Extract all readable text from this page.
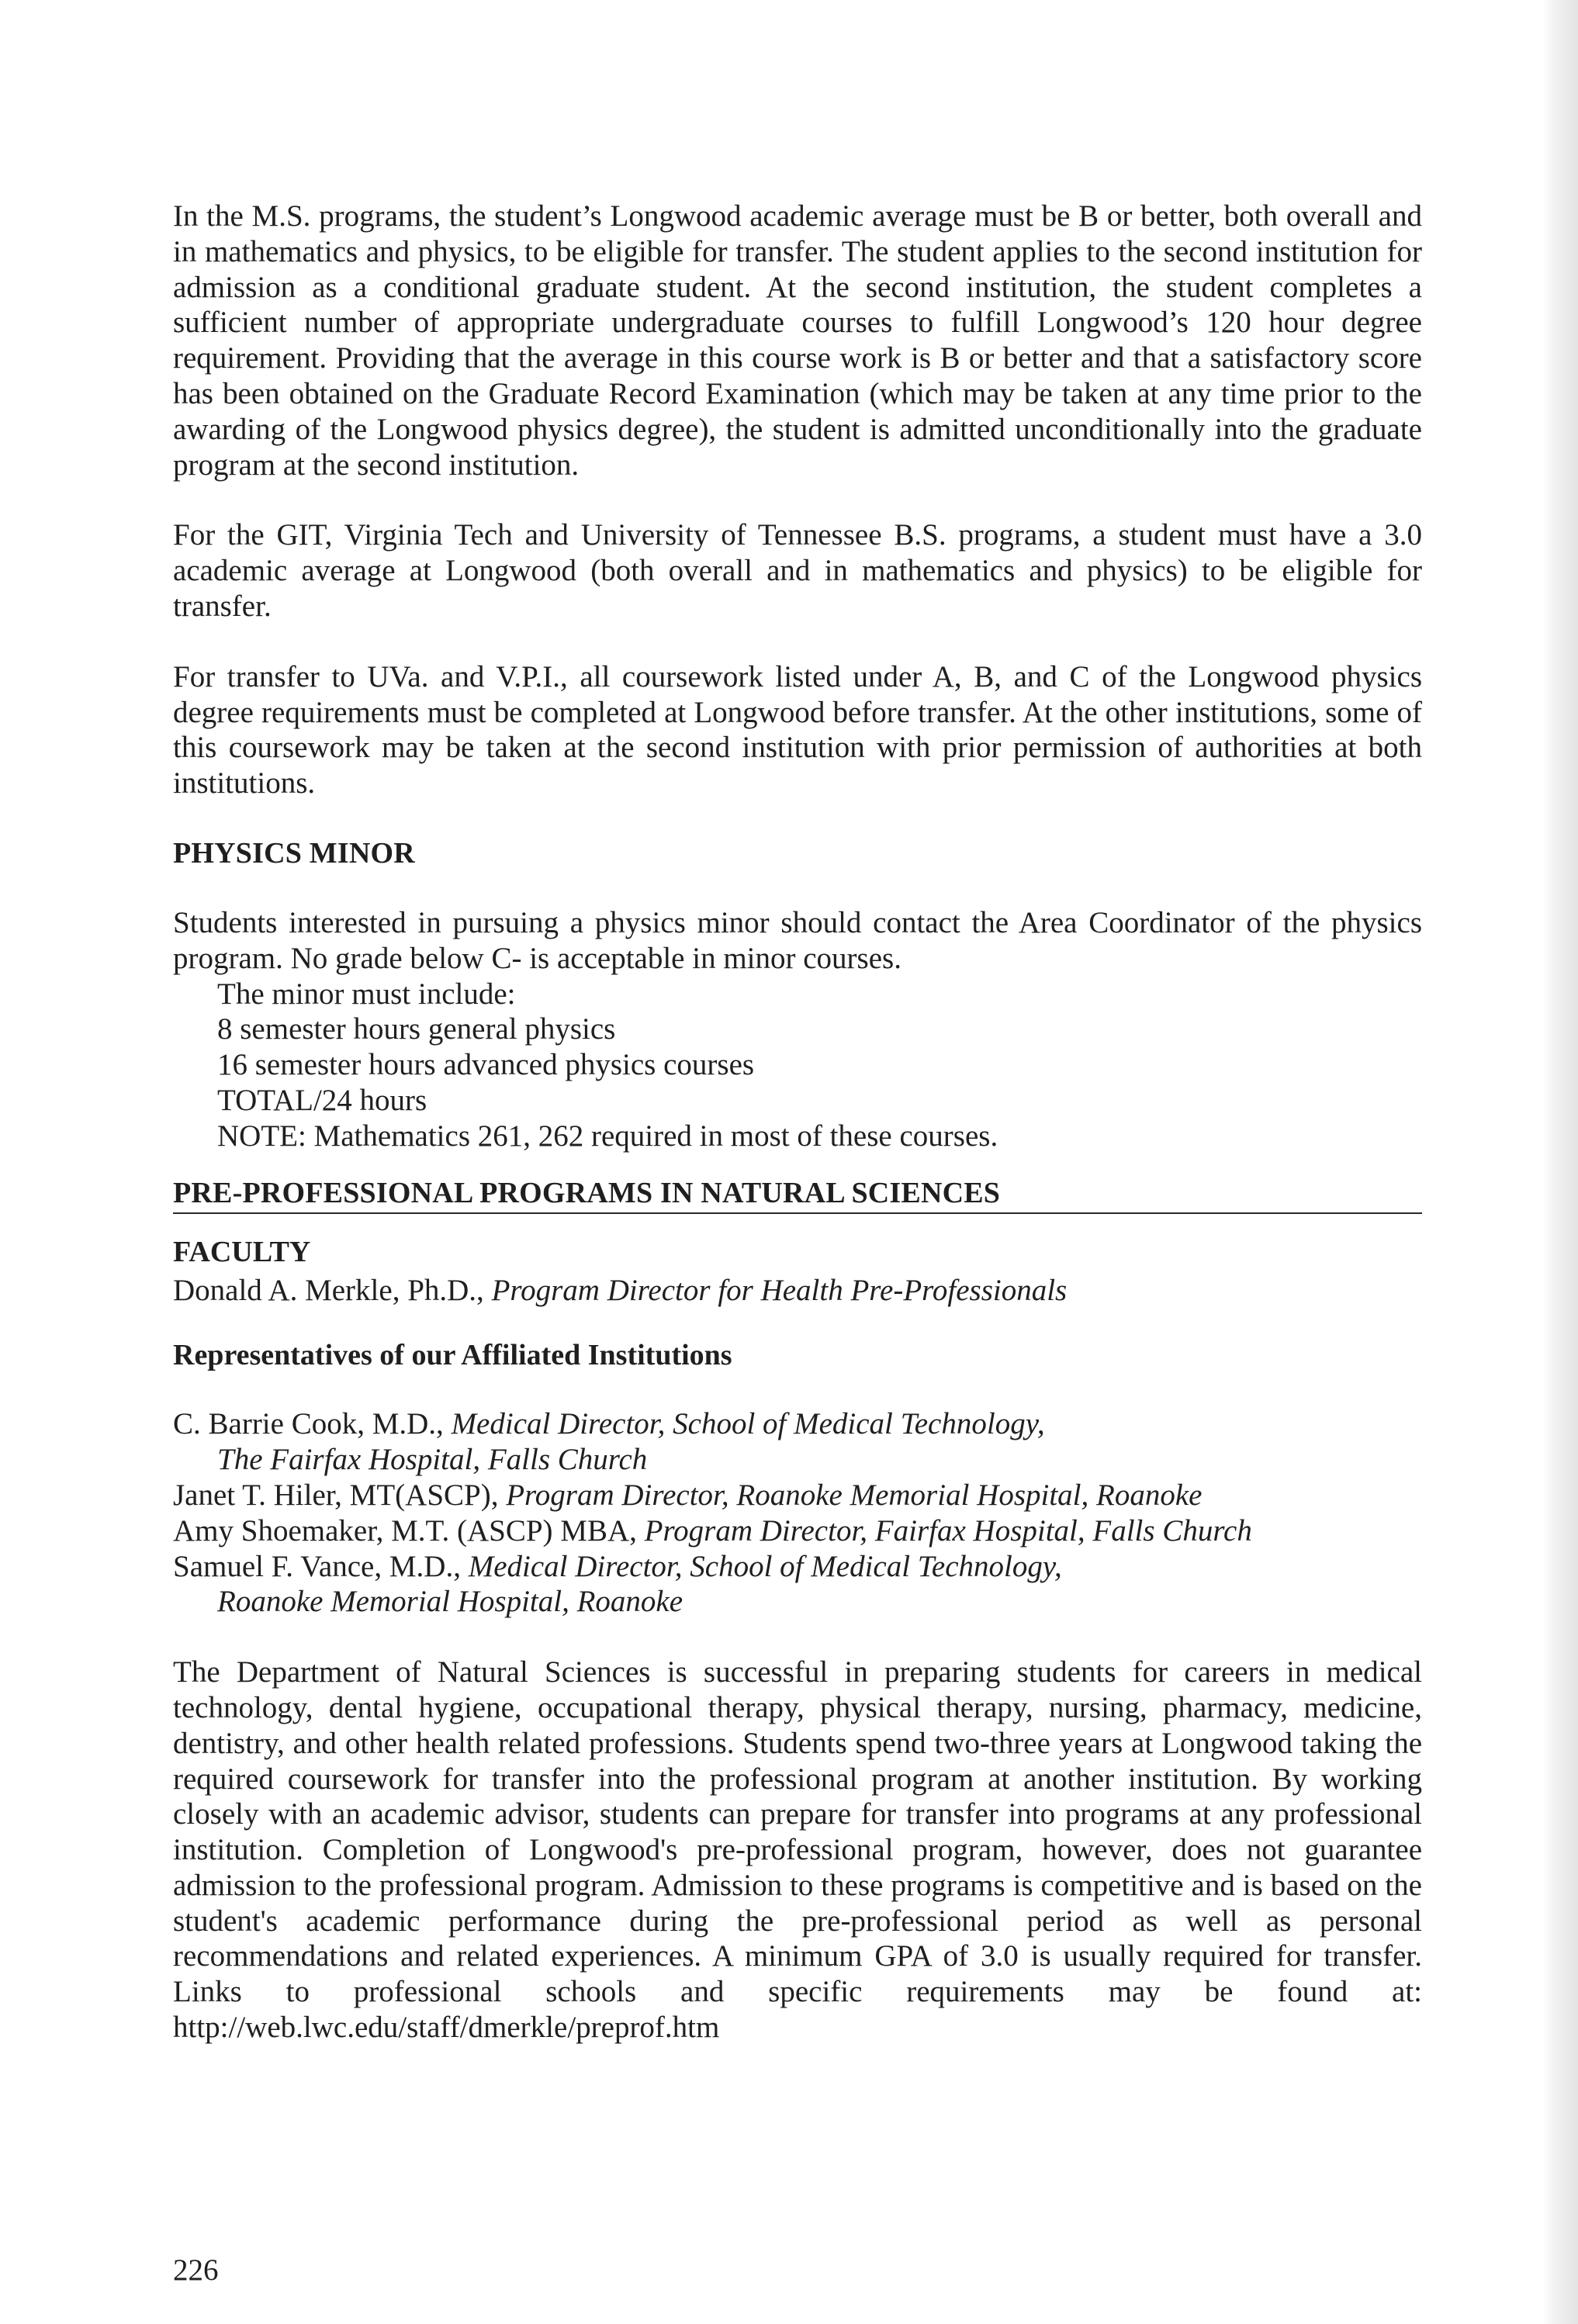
In the M.S. programs, the student’s Longwood academic average must be B or better, both overall and in mathematics and physics, to be eligible for transfer. The student applies to the second institution for admission as a conditional graduate student. At the second institution, the student completes a sufficient number of appropriate undergraduate courses to fulfill Longwood’s 120 hour degree requirement. Providing that the average in this course work is B or better and that a satisfactory score has been obtained on the Graduate Record Examination (which may be taken at any time prior to the awarding of the Longwood physics degree), the student is admitted unconditionally into the graduate program at the second institution.

For the GIT, Virginia Tech and University of Tennessee B.S. programs, a student must have a 3.0 academic average at Longwood (both overall and in mathematics and physics) to be eligible for transfer.

For transfer to UVa. and V.P.I., all coursework listed under A, B, and C of the Longwood physics degree requirements must be completed at Longwood before transfer. At the other institutions, some of this coursework may be taken at the second institution with prior permission of authorities at both institutions.

PHYSICS MINOR

Students interested in pursuing a physics minor should contact the Area Coordinator of the physics program. No grade below C- is acceptable in minor courses.

The minor must include:
8 semester hours general physics
16 semester hours advanced physics courses
TOTAL/24 hours
NOTE: Mathematics 261, 262 required in most of these courses.
PRE-PROFESSIONAL PROGRAMS IN NATURAL SCIENCES
FACULTY
Donald A. Merkle, Ph.D., Program Director for Health Pre-Professionals
Representatives of our Affiliated Institutions
C. Barrie Cook, M.D., Medical Director, School of Medical Technology,
The Fairfax Hospital, Falls Church
Janet T. Hiler, MT(ASCP), Program Director, Roanoke Memorial Hospital, Roanoke
Amy Shoemaker, M.T. (ASCP) MBA, Program Director, Fairfax Hospital, Falls Church
Samuel F. Vance, M.D., Medical Director, School of Medical Technology,
Roanoke Memorial Hospital, Roanoke

The Department of Natural Sciences is successful in preparing students for careers in medical technology, dental hygiene, occupational therapy, physical therapy, nursing, pharmacy, medicine, dentistry, and other health related professions. Students spend two-three years at Longwood taking the required coursework for transfer into the professional program at another institution. By working closely with an academic advisor, students can prepare for transfer into programs at any professional institution. Completion of Longwood's pre-professional program, however, does not guarantee admission to the professional program. Admission to these programs is competitive and is based on the student's academic performance during the pre-professional period as well as personal recommendations and related experiences. A minimum GPA of 3.0 is usually required for transfer. Links to professional schools and specific requirements may be found at: http://web.lwc.edu/staff/dmerkle/preprof.htm

226
